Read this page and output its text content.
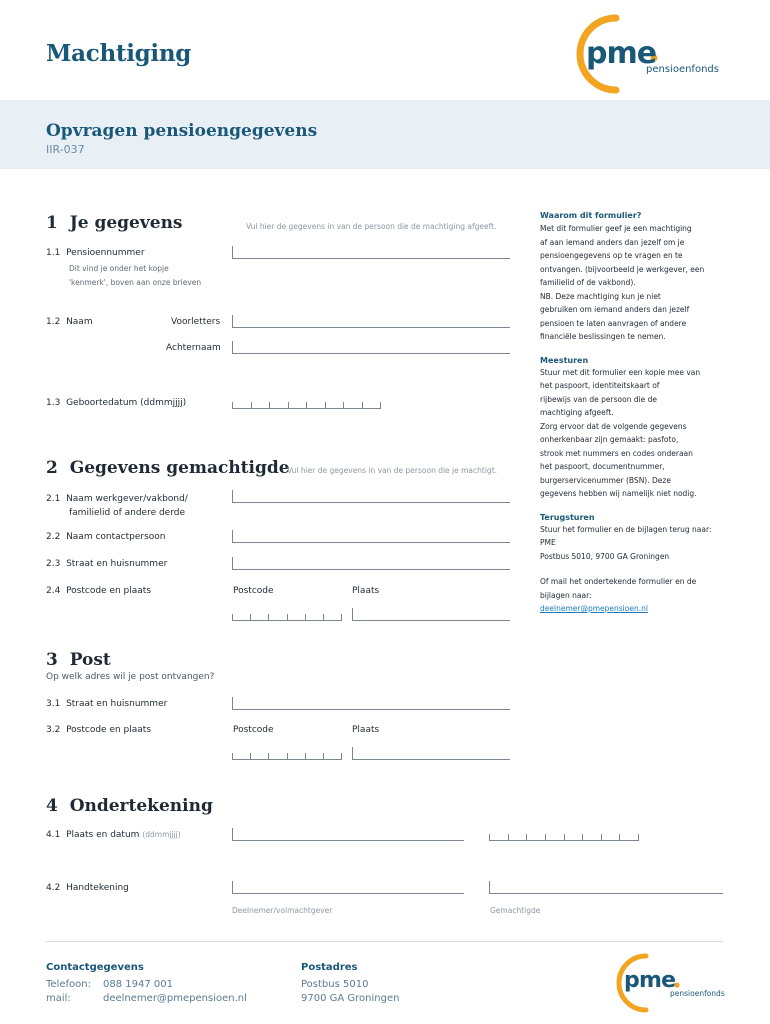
Machtiging	pme
pensioenfonds
Opvragen pensioengegevens
IIR-037
1 Je gegevens	Vul hier de gegevens in van de persoon die de machtiging afgeeft.
1.1 Pensioennummer
Dit vind je onder het kopje
'kenmerk', boven aan onze brieven
1.2 Naam	Voorletters
Achternaam
1.3 Geboortedatum (ddmmjjjj)
2 Gegevens gemachtigde
Vul hier de gegevens in van de persoon die je machtigt.
2.1 Naam werkgever/vakbond/
familielid of andere derde
2.2 Naam contactpersoon
2.3 Straat en huisnummer
2.4 Postcode en plaats	Postcode	Plaats
3 Post
Op welk adres wil je post ontvangen?
3.1 Straat en huisnummer
3.2 Postcode en plaats	Postcode	Plaats
4 Ondertekening
4.1 Plaats en datum (ddmmjjjj)
4.2 Handtekening
Deelnemer/volmachtgever	Gemachtigde
Waarom dit formulier?
Met dit formulier geef je een machtiging
af aan iemand anders dan jezelf om je
pensioengegevens op te vragen en te
ontvangen. (bijvoorbeeld je werkgever, een
familielid of de vakbond).
NB. Deze machtiging kun je niet
gebruiken om iemand anders dan jezelf
pensioen te laten aanvragen of andere
financiële beslissingen te nemen.
Meesturen
Stuur met dit formulier een kopie mee van
het paspoort, identiteitskaart of
rijbewijs van de persoon die de
machtiging afgeeft.
Zorg ervoor dat de volgende gegevens
onherkenbaar zijn gemaakt: pasfoto,
strook met nummers en codes onderaan
het paspoort, documentnummer,
burgerservicenummer (BSN). Deze
gegevens hebben wij namelijk niet nodig.
Terugsturen
Stuur het formulier en de bijlagen terug naar:
PME
Postbus 5010, 9700 GA Groningen
Of mail het ondertekende formulier en de
bijlagen naar:
deelnemer@pmepensioen.nl
Contactgegevens
Telefoon: 088 1947 001
mail:	deelnemer@pmepensioen.nl
Postadres
Postbus 5010
9700 GA Groningen
pme
pensioenfonds
